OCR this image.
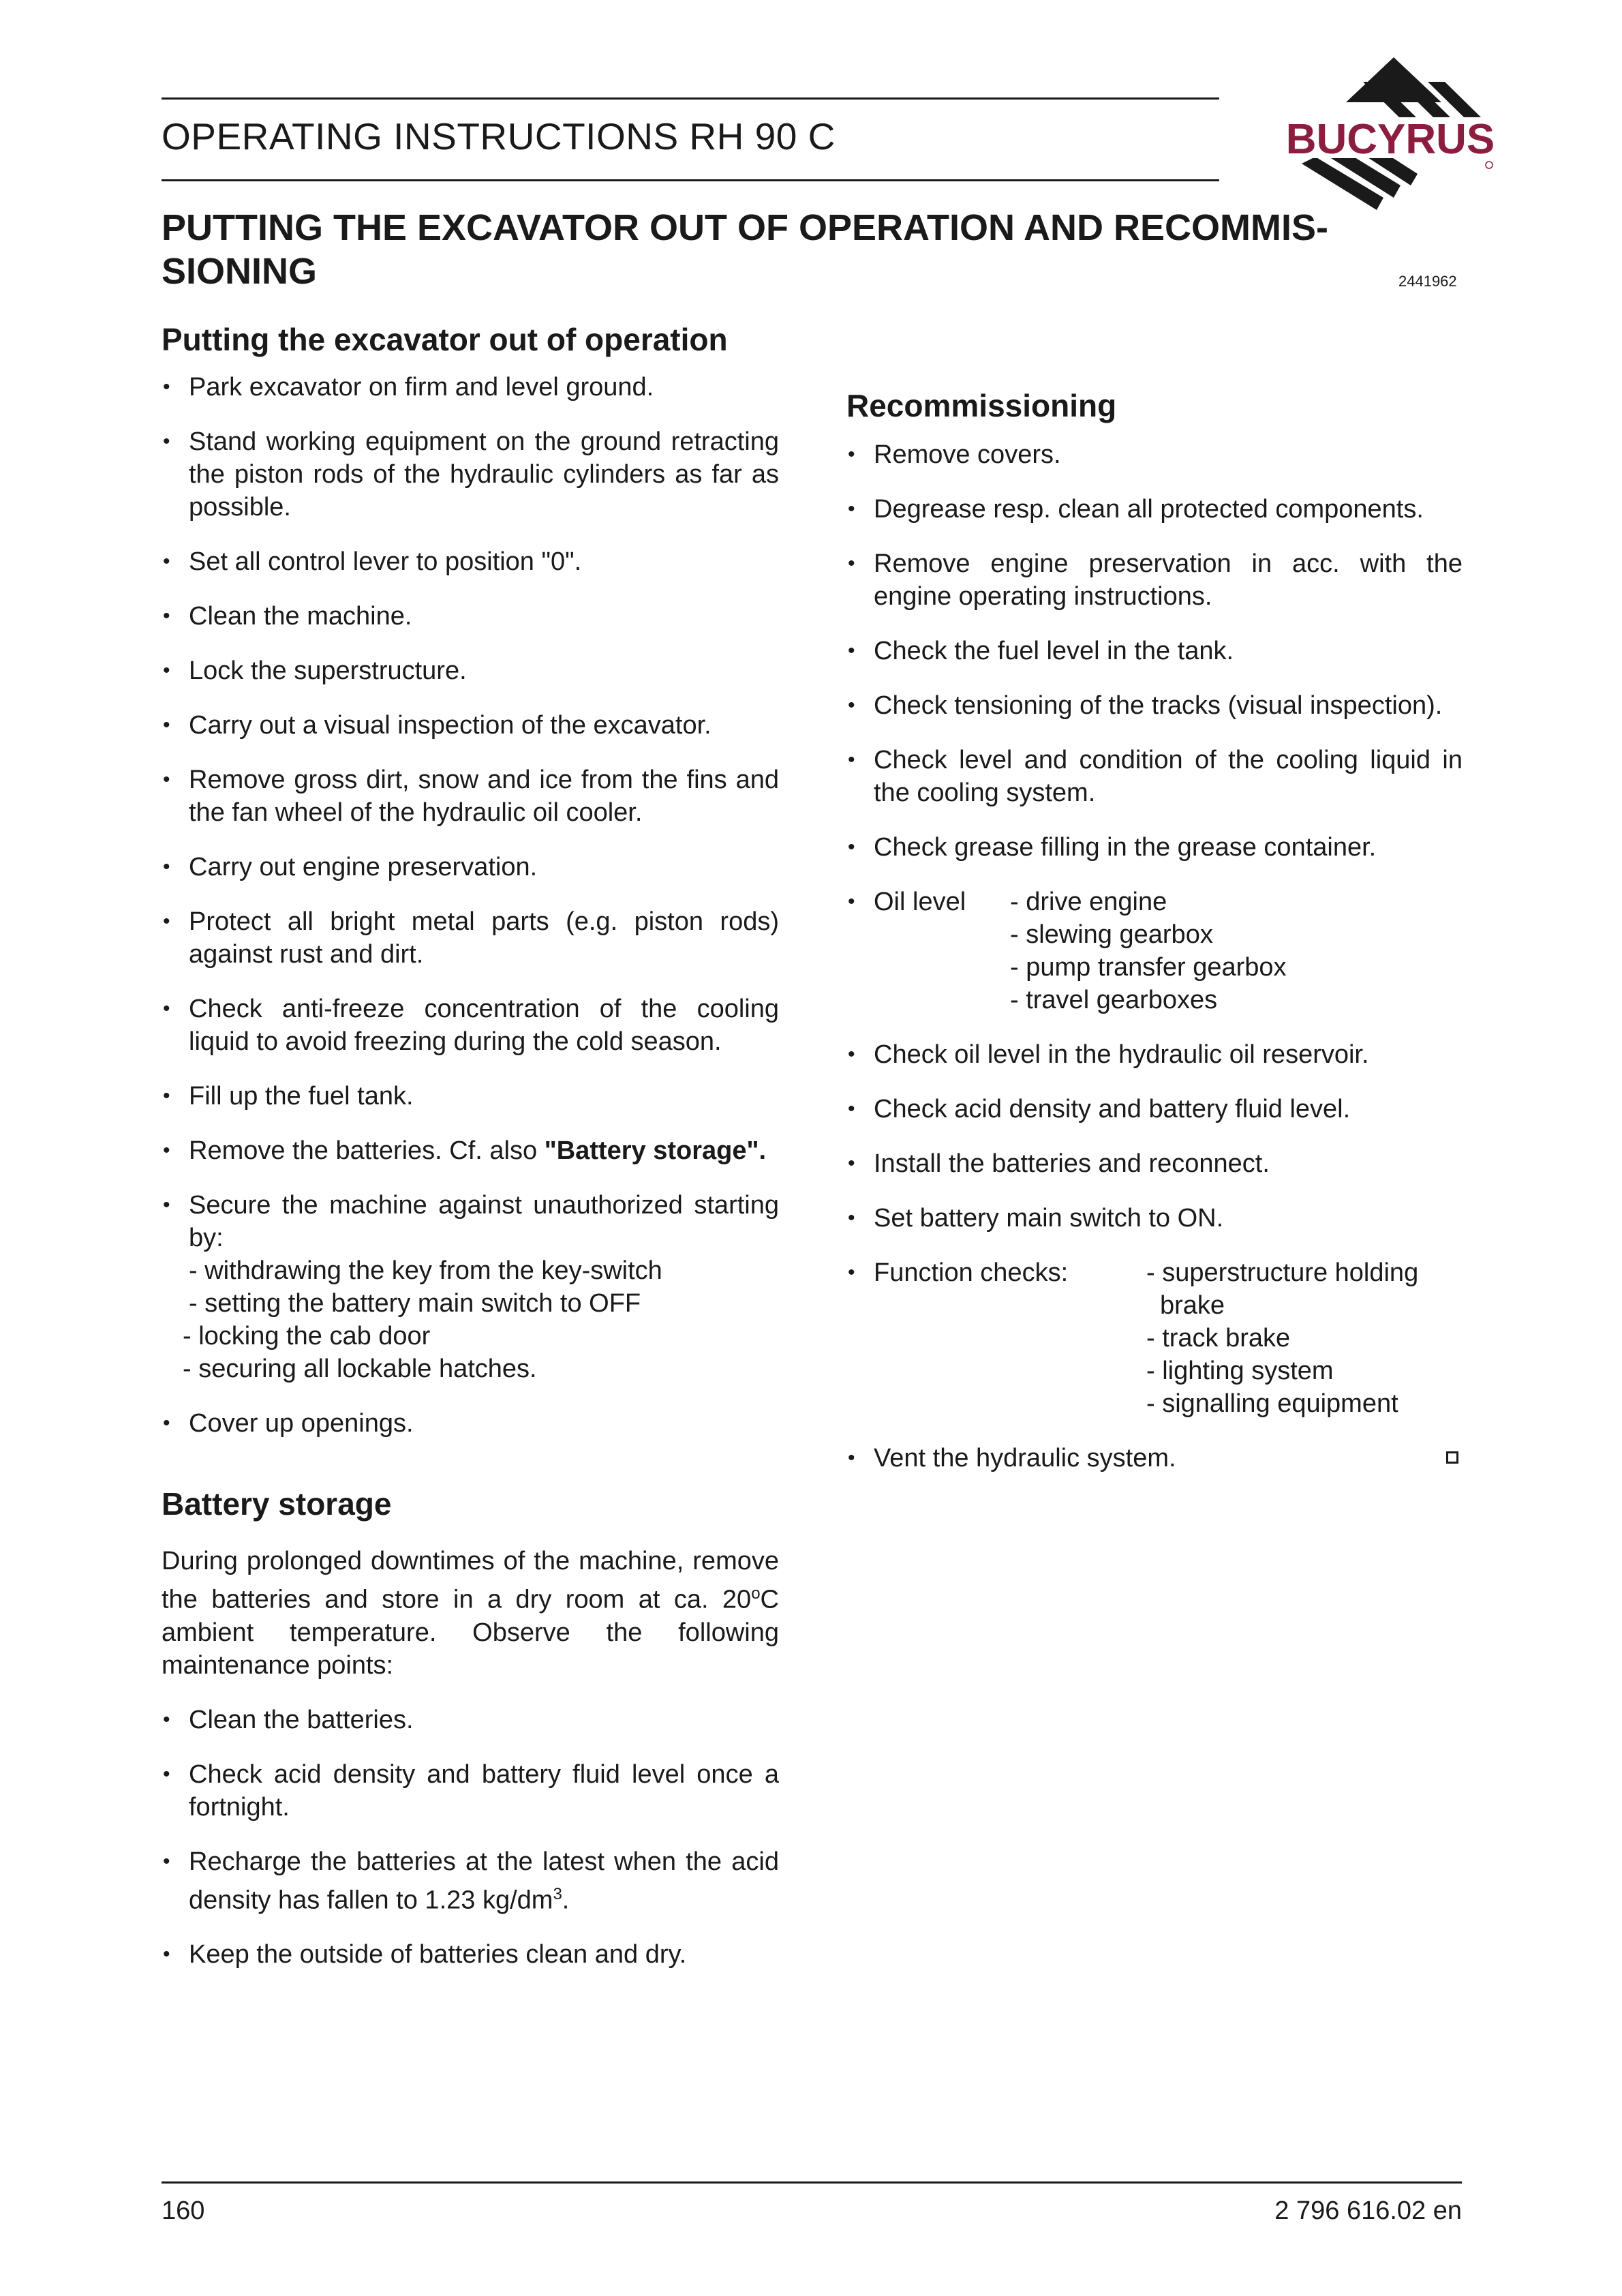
OPERATING INSTRUCTIONS RH 90 C	BUCYRUS
PUTTING THE EXCAVATOR OUT OF OPERATION AND RECOMMISSIONING	2441962
Putting the excavator out of operation
• Park excavator on firm and level ground.
• Stand working equipment on the ground retracting the piston rods of the hydraulic cylinders as far as possible.
• Set all control lever to position "0".
• Clean the machine.
• Lock the superstructure.
• Carry out a visual inspection of the excavator.
• Remove gross dirt, snow and ice from the fins and the fan wheel of the hydraulic oil cooler.
• Carry out engine preservation.
• Protect all bright metal parts (e.g. piston rods) against rust and dirt.
• Check anti-freeze concentration of the cooling liquid to avoid freezing during the cold season.
• Fill up the fuel tank.
• Remove the batteries. Cf. also "Battery storage".
• Secure the machine against unauthorized starting by:
- withdrawing the key from the key-switch
- setting the battery main switch to OFF
- locking the cab door
- securing all lockable hatches.
• Cover up openings.
Battery storage

During prolonged downtimes of the machine, remove the batteries and store in a dry room at ca. 20$^o$C ambient temperature. Observe the following maintenance points:

• Clean the batteries.
• Check acid density and battery fluid level once a fortnight.
• Recharge the batteries at the latest when the acid density has fallen to 1.23 $kg/dm^3$.
• Keep the outside of batteries clean and dry.
Recommissioning
• Remove covers.
• Degrease resp. clean all protected components.
• Remove engine preservation in acc. with the engine operating instructions.
• Check the fuel level in the tank.
• Check tensioning of the tracks (visual inspection).
• Check level and condition of the cooling liquid in the cooling system.
• Check grease filling in the grease container.
• Oil level	- drive engine
- slewing gearbox
- pump transfer gearbox
- travel gearboxes
• Check oil level in the hydraulic oil reservoir.
• Check acid density and battery fluid level.
• Install the batteries and reconnect.
• Set battery main switch to ON.
• Function checks:	- superstructure holding
brake
- track brake
- lighting system
- signalling equipment
• Vent the hydraulic system.
160	2 796 616.02 en
